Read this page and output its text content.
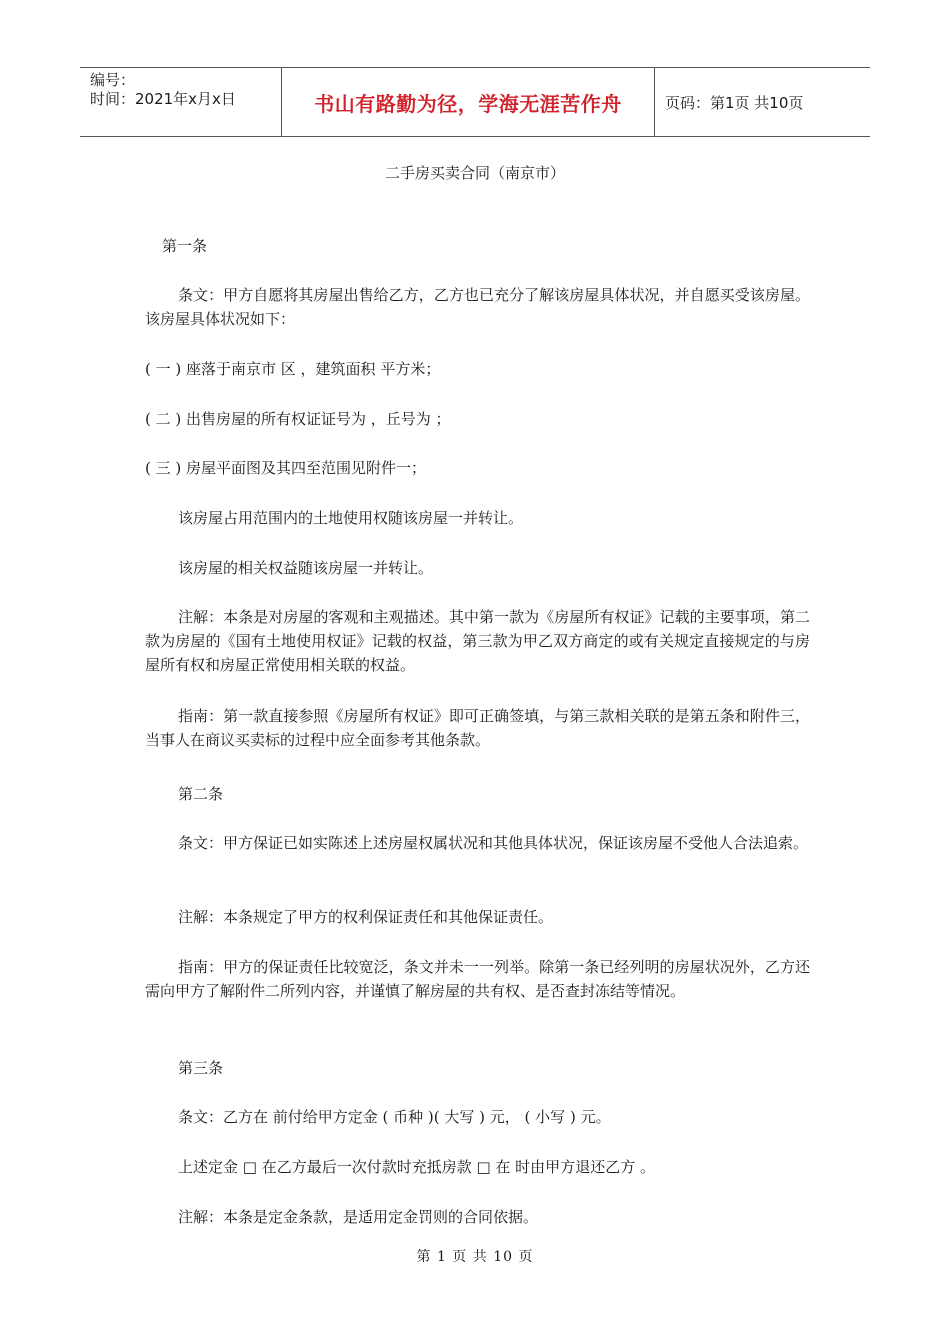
编号：
时间：2021年x月x日	书山有路勤为径，学海无涯苦作舟	页码：第1页 共10页
二手房买卖合同（南京市）
第一条
条文：甲方自愿将其房屋出售给乙方，乙方也已充分了解该房屋具体状况，并自愿买受该房屋。该房屋具体状况如下：
( 一 ) 座落于南京市 区 ，建筑面积 平方米；
( 二 ) 出售房屋的所有权证证号为 ，丘号为 ；
( 三 ) 房屋平面图及其四至范围见附件一；
该房屋占用范围内的土地使用权随该房屋一并转让。
该房屋的相关权益随该房屋一并转让。
注解：本条是对房屋的客观和主观描述。其中第一款为《房屋所有权证》记载的主要事项，第二款为房屋的《国有土地使用权证》记载的权益，第三款为甲乙双方商定的或有关规定直接规定的与房屋所有权和房屋正常使用相关联的权益。
指南：第一款直接参照《房屋所有权证》即可正确签填，与第三款相关联的是第五条和附件三，当事人在商议买卖标的过程中应全面参考其他条款。
第二条
条文：甲方保证已如实陈述上述房屋权属状况和其他具体状况，保证该房屋不受他人合法追索。
注解：本条规定了甲方的权利保证责任和其他保证责任。
指南：甲方的保证责任比较宽泛，条文并未一一列举。除第一条已经列明的房屋状况外，乙方还需向甲方了解附件二所列内容，并谨慎了解房屋的共有权、是否查封冻结等情况。
第三条
条文：乙方在 前付给甲方定金 ( 币种 )( 大写 ) 元， ( 小写 ) 元。
上述定金 □ 在乙方最后一次付款时充抵房款 □ 在 时由甲方退还乙方 。
注解：本条是定金条款，是适用定金罚则的合同依据。
第 1 页 共 10 页
